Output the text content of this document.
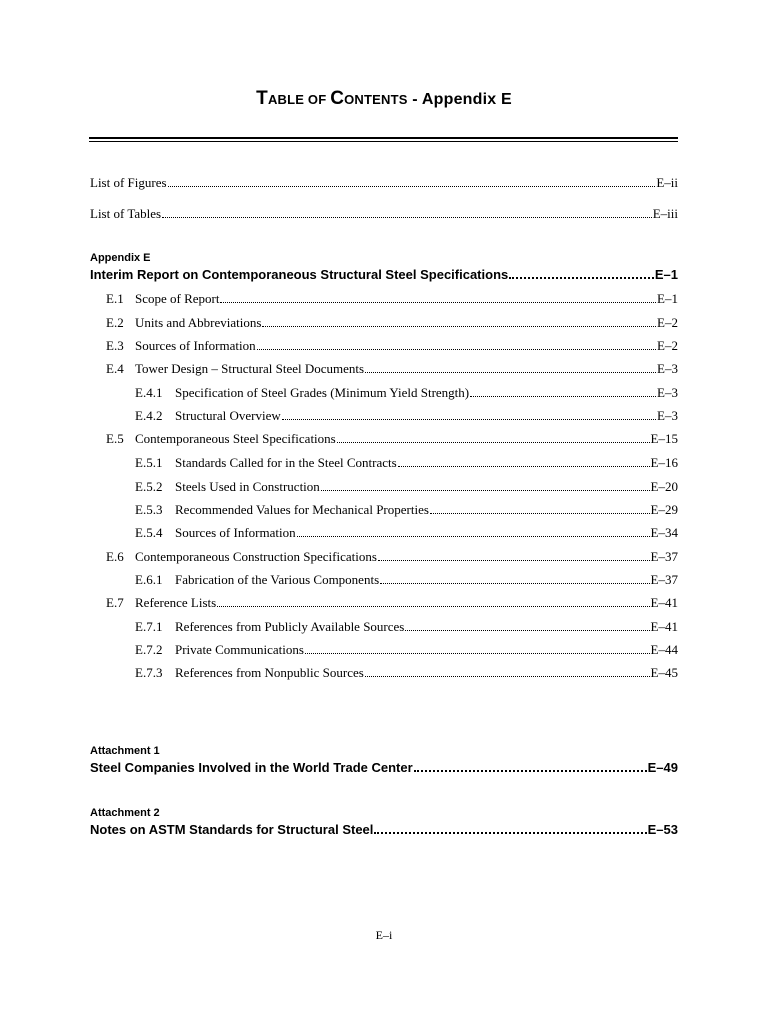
TABLE OF CONTENTS - Appendix E
List of Figures	E–ii
List of Tables	E–iii
Appendix E
Interim Report on Contemporaneous Structural Steel Specifications	E–1
E.1 Scope of Report	E–1
E.2 Units and Abbreviations	E–2
E.3 Sources of Information	E–2
E.4 Tower Design – Structural Steel Documents	E–3
E.4.1 Specification of Steel Grades (Minimum Yield Strength)	E–3
E.4.2 Structural Overview	E–3
E.5 Contemporaneous Steel Specifications	E–15
E.5.1 Standards Called for in the Steel Contracts	E–16
E.5.2 Steels Used in Construction	E–20
E.5.3 Recommended Values for Mechanical Properties	E–29
E.5.4 Sources of Information	E–34
E.6 Contemporaneous Construction Specifications	E–37
E.6.1 Fabrication of the Various Components	E–37
E.7 Reference Lists	E–41
E.7.1 References from Publicly Available Sources	E–41
E.7.2 Private Communications	E–44
E.7.3 References from Nonpublic Sources	E–45
Attachment 1
Steel Companies Involved in the World Trade Center	E–49
Attachment 2
Notes on ASTM Standards for Structural Steel	E–53
E–i
